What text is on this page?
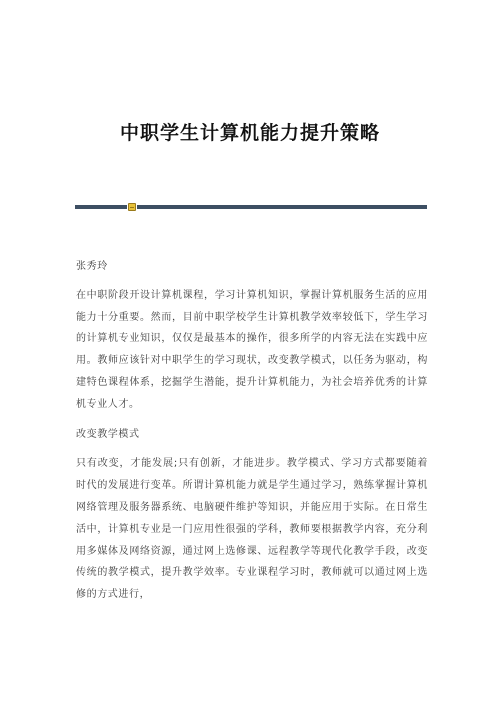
中职学生计算机能力提升策略

张秀玲

在中职阶段开设计算机课程，学习计算机知识，掌握计算机服务生活的应用能力十分重要。然而，目前中职学校学生计算机教学效率较低下，学生学习的计算机专业知识，仅仅是最基本的操作，很多所学的内容无法在实践中应用。教师应该针对中职学生的学习现状，改变教学模式，以任务为驱动，构建特色课程体系，挖掘学生潜能，提升计算机能力，为社会培养优秀的计算机专业人才。

改变教学模式

只有改变，才能发展;只有创新，才能进步。教学模式、学习方式都要随着时代的发展进行变革。所谓计算机能力就是学生通过学习，熟练掌握计算机网络管理及服务器系统、电脑硬件维护等知识，并能应用于实际。在日常生活中，计算机专业是一门应用性很强的学科，教师要根据教学内容，充分利用多媒体及网络资源，通过网上选修课、远程教学等现代化教学手段，改变传统的教学模式，提升教学效率。专业课程学习时，教师就可以通过网上选修的方式进行，
